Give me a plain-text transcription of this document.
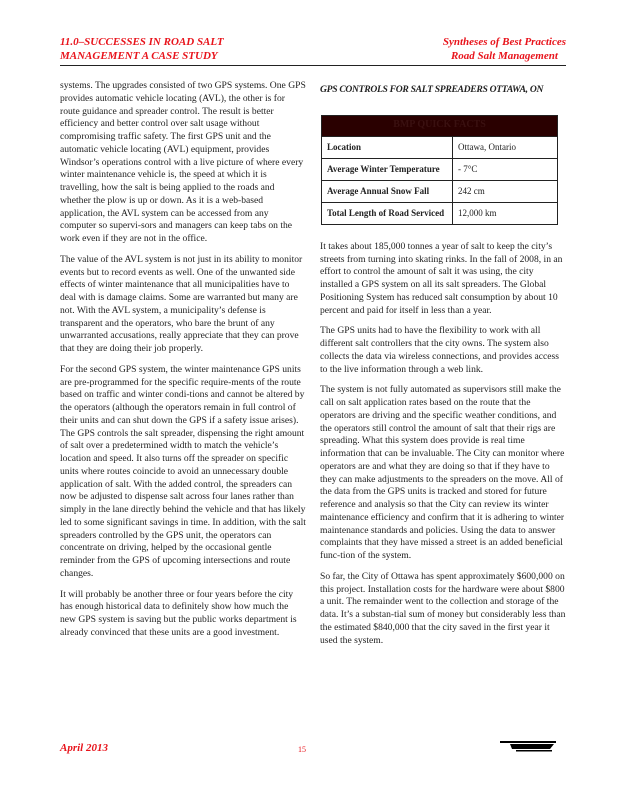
11.0–SUCCESSES IN ROAD SALT
MANAGEMENT A CASE STUDY
Syntheses of Best Practices
Road Salt Management

systems. The upgrades consisted of two GPS systems. One GPS provides automatic vehicle locating (AVL), the other is for route guidance and spreader control. The result is better efficiency and better control over salt usage without compromising traffic safety. The first GPS unit and the automatic vehicle locating (AVL) equipment, provides Windsor’s operations control with a live picture of where every winter maintenance vehicle is, the speed at which it is travelling, how the salt is being applied to the roads and whether the plow is up or down. As it is a web-based application, the AVL system can be accessed from any computer so supervi-sors and managers can keep tabs on the work even if they are not in the office.

The value of the AVL system is not just in its ability to monitor events but to record events as well. One of the unwanted side effects of winter maintenance that all municipalities have to deal with is damage claims. Some are warranted but many are not. With the AVL system, a municipality’s defense is transparent and the operators, who bare the brunt of any unwarranted accusations, really appreciate that they can prove that they are doing their job properly.

For the second GPS system, the winter maintenance GPS units are pre-programmed for the specific require-ments of the route based on traffic and winter condi-tions and cannot be altered by the operators (although the operators remain in full control of their units and can shut down the GPS if a safety issue arises). The GPS controls the salt spreader, dispensing the right amount of salt over a predetermined width to match the vehicle’s location and speed. It also turns off the spreader on specific units where routes coincide to avoid an unnecessary double application of salt. With the added control, the spreaders can now be adjusted to dispense salt across four lanes rather than simply in the lane directly behind the vehicle and that has likely led to some significant savings in time. In addition, with the salt spreaders controlled by the GPS unit, the operators can concentrate on driving, helped by the occasional gentle reminder from the GPS of upcoming intersections and route changes.

It will probably be another three or four years before the city has enough historical data to definitely show how much the new GPS system is saving but the public works department is already convinced that these units are a good investment.

GPS CONTROLS FOR SALT SPREADERS OTTAWA, ON
BMP QUICK FACTS	
Location	Ottawa, Ontario
Average Winter Temperature	- 7°C
Average Annual Snow Fall	242 cm
Total Length of Road Serviced	12,000 km

It takes about 185,000 tonnes a year of salt to keep the city’s streets from turning into skating rinks. In the fall of 2008, in an effort to control the amount of salt it was using, the city installed a GPS system on all its salt spreaders. The Global Positioning System has reduced salt consumption by about 10 percent and paid for itself in less than a year.

The GPS units had to have the flexibility to work with all different salt controllers that the city owns. The system also collects the data via wireless connections, and provides access to the live information through a web link.

The system is not fully automated as supervisors still make the call on salt application rates based on the route that the operators are driving and the specific weather conditions, and the operators still control the amount of salt that their rigs are spreading. What this system does provide is real time information that can be invaluable. The City can monitor where operators are and what they are doing so that if they have to they can make adjustments to the spreaders on the move. All of the data from the GPS units is tracked and stored for future reference and analysis so that the City can review its winter maintenance efficiency and confirm that it is adhering to winter maintenance standards and policies. Using the data to answer complaints that they have missed a street is an added beneficial func-tion of the system.

So far, the City of Ottawa has spent approximately $600,000 on this project. Installation costs for the hardware were about $800 a unit. The remainder went to the collection and storage of the data. It’s a substan-tial sum of money but considerably less than the estimated $840,000 that the city saved in the first year it used the system.

April 2013	15
